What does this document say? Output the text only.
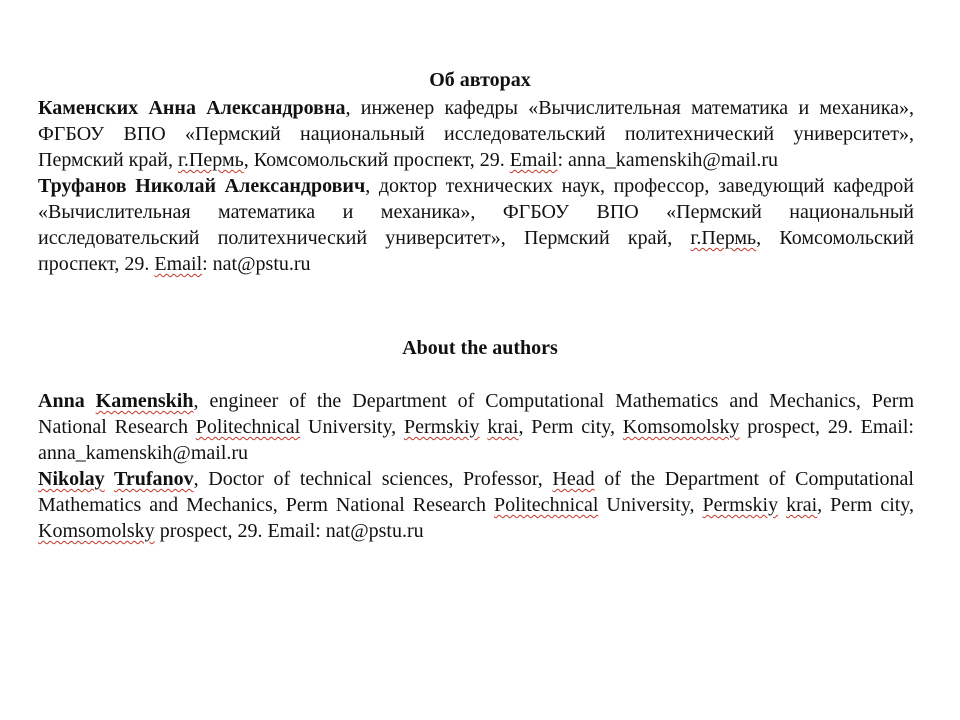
Об авторах

Каменских Анна Александровна, инженер кафедры «Вычислительная математика и механика», ФГБОУ ВПО «Пермский национальный исследовательский политехнический университет», Пермский край, г.Пермь, Комсомольский проспект, 29. Email: anna_kamenskih@mail.ru

Труфанов Николай Александрович, доктор технических наук, профессор, заведующий кафедрой «Вычислительная математика и механика», ФГБОУ ВПО «Пермский национальный исследовательский политехнический университет», Пермский край, г.Пермь, Комсомольский проспект, 29. Email: nat@pstu.ru

About the authors

Anna Kamenskih, engineer of the Department of Computational Mathematics and Mechanics, Perm National Research Politechnical University, Permskiy krai, Perm city, Komsomolsky prospect, 29. Email: anna_kamenskih@mail.ru

Nikolay Trufanov, Doctor of technical sciences, Professor, Head of the Department of Computational Mathematics and Mechanics, Perm National Research Politechnical University, Permskiy krai, Perm city, Komsomolsky prospect, 29. Email: nat@pstu.ru
